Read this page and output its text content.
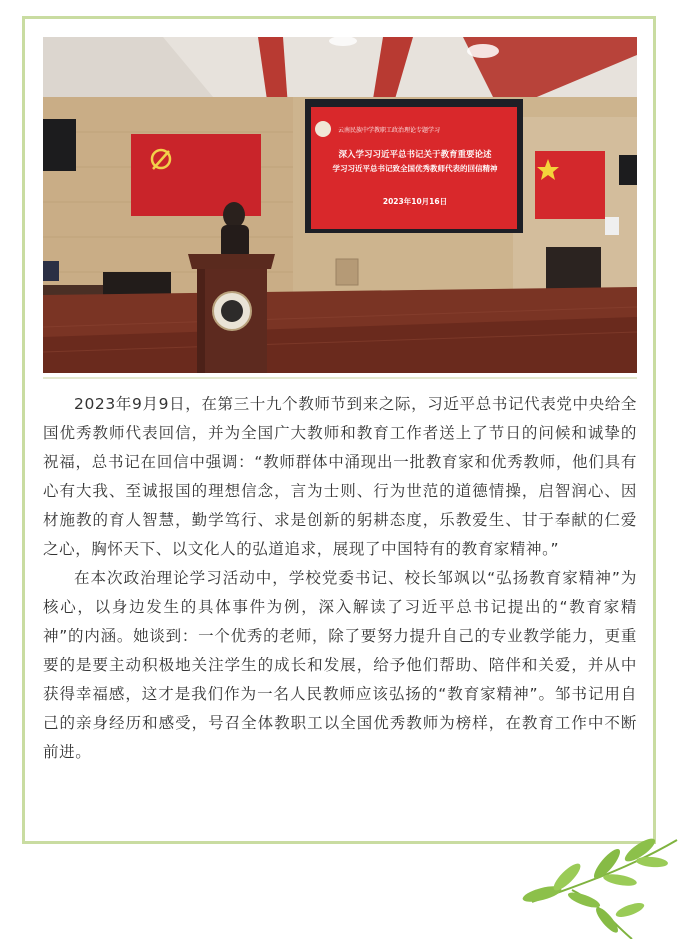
云南民族中学教职工政治理论专题学习
深入学习习近平总书记关于教育重要论述
学习习近平总书记致全国优秀教师代表的回信精神
2023年10月16日

2023年9月9日，在第三十九个教师节到来之际，习近平总书记代表党中央给全国优秀教师代表回信，并为全国广大教师和教育工作者送上了节日的问候和诚挚的祝福，总书记在回信中强调：“教师群体中涌现出一批教育家和优秀教师，他们具有心有大我、至诚报国的理想信念，言为士则、行为世范的道德情操，启智润心、因材施教的育人智慧，勤学笃行、求是创新的躬耕态度，乐教爱生、甘于奉献的仁爱之心，胸怀天下、以文化人的弘道追求，展现了中国特有的教育家精神。”

在本次政治理论学习活动中，学校党委书记、校长邹飒以“弘扬教育家精神”为核心，以身边发生的具体事件为例，深入解读了习近平总书记提出的“教育家精神”的内涵。她谈到：一个优秀的老师，除了要努力提升自己的专业教学能力，更重要的是要主动积极地关注学生的成长和发展，给予他们帮助、陪伴和关爱，并从中获得幸福感，这才是我们作为一名人民教师应该弘扬的“教育家精神”。邹书记用自己的亲身经历和感受，号召全体教职工以全国优秀教师为榜样，在教育工作中不断前进。
